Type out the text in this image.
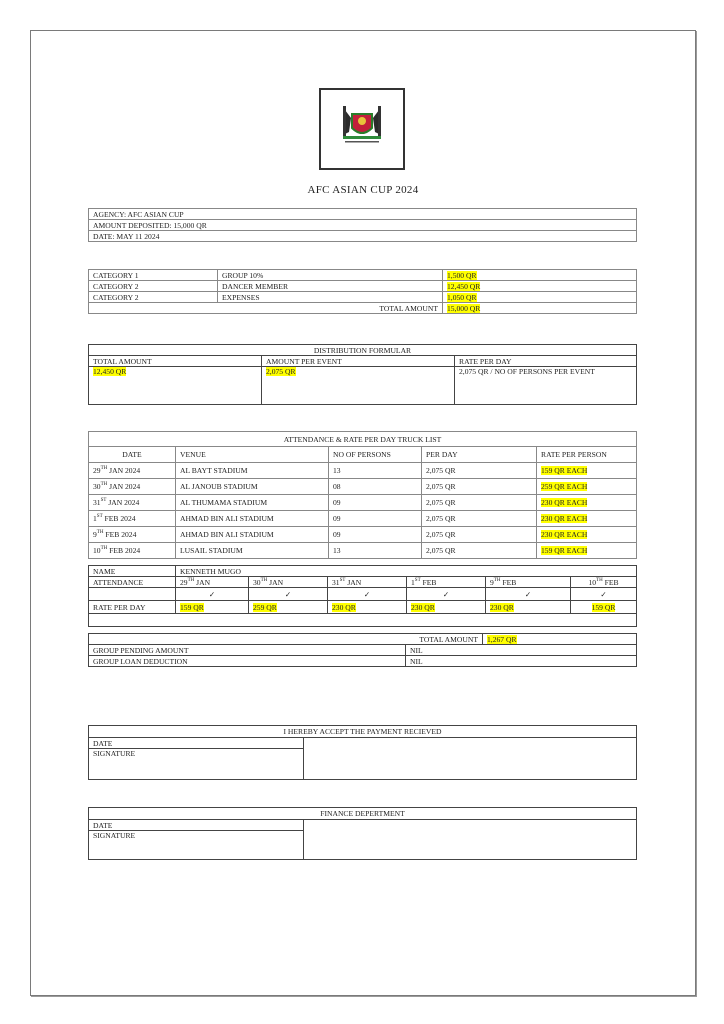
AFC ASIAN CUP 2024
AGENCY: AFC ASIAN CUP
AMOUNT DEPOSITED: 15,000 QR
DATE: MAY 11 2024
CATEGORY 1	GROUP 10%	1,500 QR
CATEGORY 2	DANCER MEMBER	12,450 QR
CATEGORY 2	EXPENSES	1,050 QR
TOTAL AMOUNT		15,000 QR
DISTRIBUTION FORMULAR		
TOTAL AMOUNT	AMOUNT PER EVENT	RATE PER DAY
12,450 QR	2,075 QR	2,075 QR / NO OF PERSONS PER EVENT
ATTENDANCE & RATE PER DAY TRUCK LIST				
DATE	VENUE	NO OF PERSONS	PER DAY	RATE PER PERSON
29TH JAN 2024	AL BAYT STADIUM	13	2,075 QR	159 QR EACH
30TH JAN 2024	AL JANOUB STADIUM	08	2,075 QR	259 QR EACH
31ST JAN 2024	AL THUMAMA STADIUM	09	2,075 QR	230 QR EACH
1ST FEB 2024	AHMAD BIN ALI STADIUM	09	2,075 QR	230 QR EACH
9TH FEB 2024	AHMAD BIN ALI STADIUM	09	2,075 QR	230 QR EACH
10TH FEB 2024	LUSAIL STADIUM	13	2,075 QR	159 QR EACH
NAME	KENNETH MUGO					
ATTENDANCE	29TH JAN	30TH JAN	31ST JAN	1ST FEB	9TH FEB	10TH FEB
	✓	✓	✓	✓	✓	✓
RATE PER DAY	159 QR	259 QR	230 QR	230 QR	230 QR	159 QR

TOTAL AMOUNT		1,267 QR
GROUP PENDING AMOUNT	NIL	
GROUP LOAN DEDUCTION	NIL	
I HEREBY ACCEPT THE PAYMENT RECIEVED
DATE	
SIGNATURE
FINANCE DEPERTMENT
DATE	
SIGNATURE
